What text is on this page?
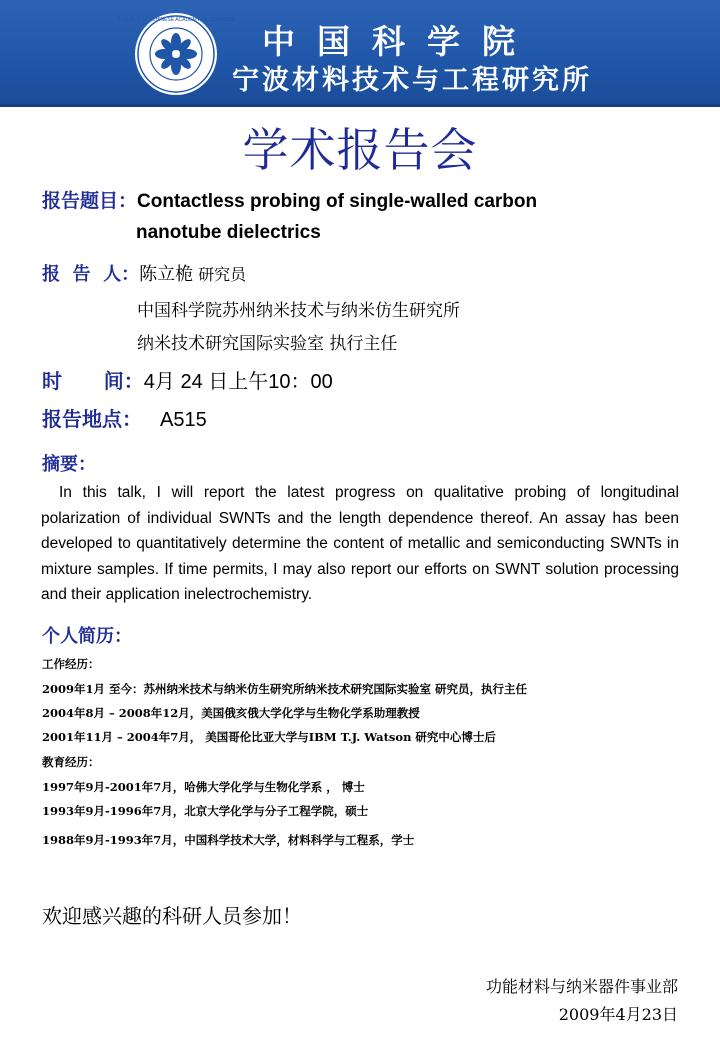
中 国 科 学 院 · CHINESE ACADEMY OF SCIENCES
中国科学院
宁波材料技术与工程研究所
学术报告会
报告题目：Contactless probing of single-walled carbon
nanotube dielectrics
报  告  人：陈立桅 研究员
中国科学院苏州纳米技术与纳米仿生研究所
纳米技术研究国际实验室 执行主任
时      间：4月 24 日上午10：00
报告地点： A515
摘要：
In this talk, I will report the latest progress on qualitative probing of longitudinal polarization of individual SWNTs and the length dependence thereof. An assay has been developed to quantitatively determine the content of metallic and semiconducting SWNTs in mixture samples. If time permits, I may also report our efforts on SWNT solution processing and their application inelectrochemistry.
个人简历：
工作经历：
2009年1月 至今：苏州纳米技术与纳米仿生研究所纳米技术研究国际实验室 研究员，执行主任
2004年8月 – 2008年12月，美国俄亥俄大学化学与生物化学系助理教授
2001年11月 – 2004年7月， 美国哥伦比亚大学与IBM T.J. Watson 研究中心博士后
教育经历：
1997年9月-2001年7月，哈佛大学化学与生物化学系 ， 博士
1993年9月-1996年7月，北京大学化学与分子工程学院，硕士
1988年9月-1993年7月，中国科学技术大学，材料科学与工程系，学士
欢迎感兴趣的科研人员参加！
功能材料与纳米器件事业部
2009年4月23日
